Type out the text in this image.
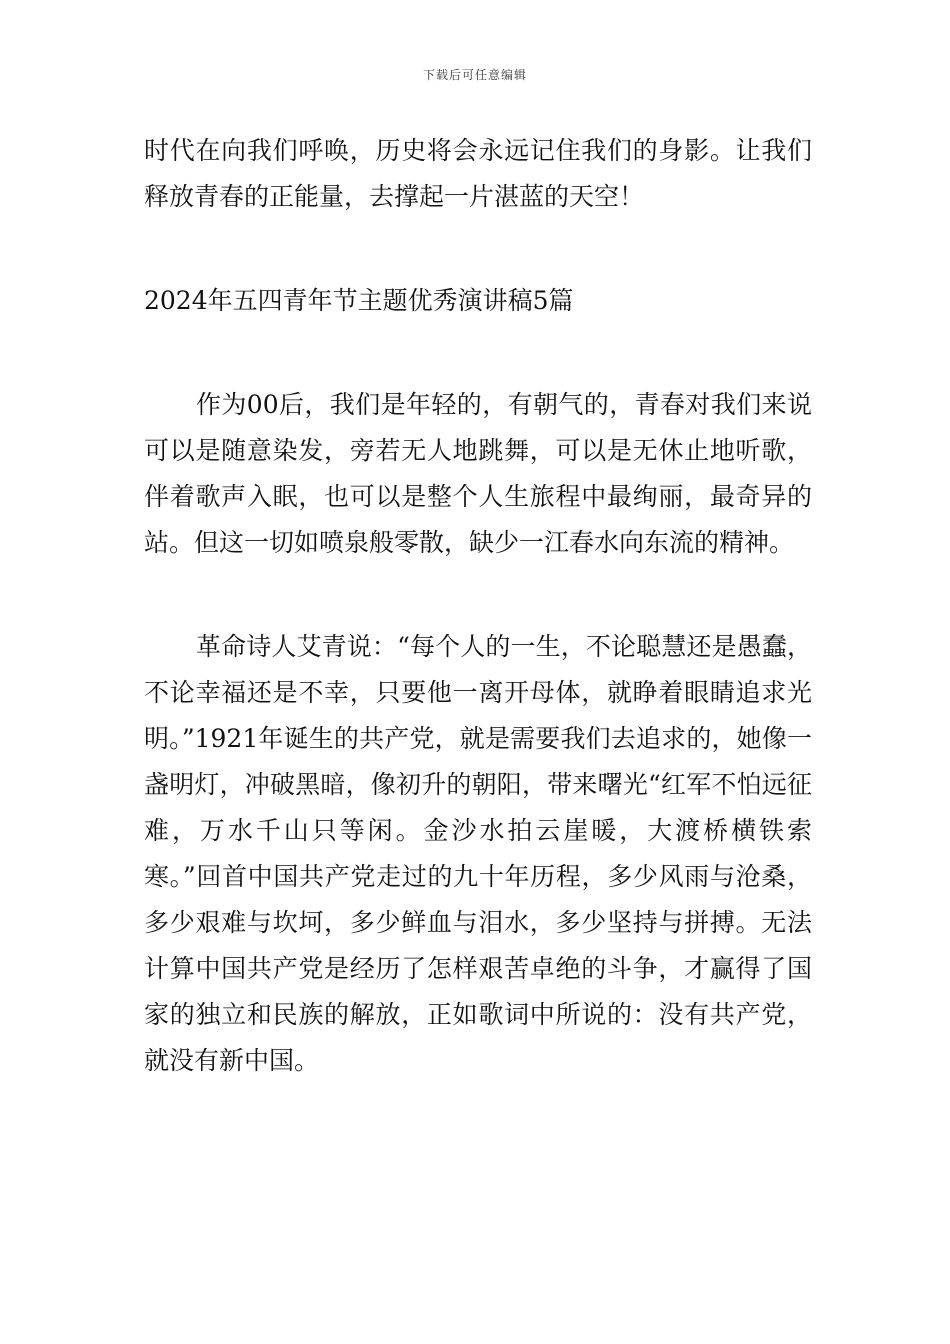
下载后可任意编辑

时代在向我们呼唤，历史将会永远记住我们的身影。让我们释放青春的正能量，去撑起一片湛蓝的天空！

2024年五四青年节主题优秀演讲稿5篇

作为00后，我们是年轻的，有朝气的，青春对我们来说可以是随意染发，旁若无人地跳舞，可以是无休止地听歌，伴着歌声入眠，也可以是整个人生旅程中最绚丽，最奇异的站。但这一切如喷泉般零散，缺少一江春水向东流的精神。

革命诗人艾青说：“每个人的一生，不论聪慧还是愚蠢，不论幸福还是不幸，只要他一离开母体，就睁着眼睛追求光明。”1921年诞生的共产党，就是需要我们去追求的，她像一盏明灯，冲破黑暗，像初升的朝阳，带来曙光“红军不怕远征难，万水千山只等闲。金沙水拍云崖暖，大渡桥横铁索寒。”回首中国共产党走过的九十年历程，多少风雨与沧桑，多少艰难与坎坷，多少鲜血与泪水，多少坚持与拼搏。无法计算中国共产党是经历了怎样艰苦卓绝的斗争，才赢得了国家的独立和民族的解放，正如歌词中所说的：没有共产党，就没有新中国。
